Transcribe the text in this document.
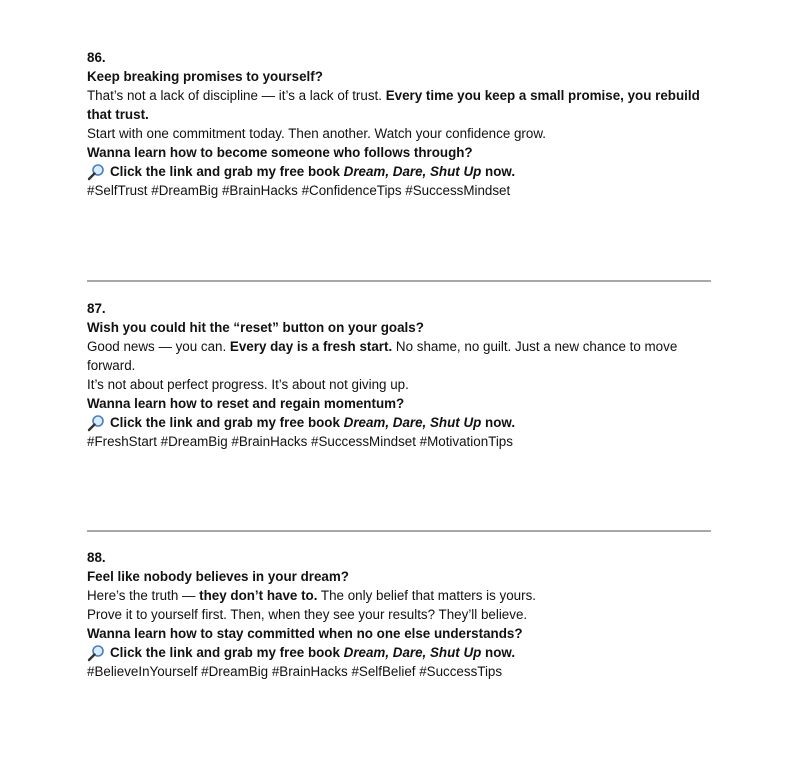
86.

Keep breaking promises to yourself?

That’s not a lack of discipline — it’s a lack of trust. Every time you keep a small promise, you rebuild that trust.

Start with one commitment today. Then another. Watch your confidence grow.

Wanna learn how to become someone who follows through?

Click the link and grab my free book Dream, Dare, Shut Up now.

#SelfTrust #DreamBig #BrainHacks #ConfidenceTips #SuccessMindset

87.

Wish you could hit the “reset” button on your goals?

Good news — you can. Every day is a fresh start. No shame, no guilt. Just a new chance to move forward.

It’s not about perfect progress. It’s about not giving up.

Wanna learn how to reset and regain momentum?

Click the link and grab my free book Dream, Dare, Shut Up now.

#FreshStart #DreamBig #BrainHacks #SuccessMindset #MotivationTips

88.

Feel like nobody believes in your dream?

Here’s the truth — they don’t have to. The only belief that matters is yours.

Prove it to yourself first. Then, when they see your results? They’ll believe.

Wanna learn how to stay committed when no one else understands?

Click the link and grab my free book Dream, Dare, Shut Up now.

#BelieveInYourself #DreamBig #BrainHacks #SelfBelief #SuccessTips
